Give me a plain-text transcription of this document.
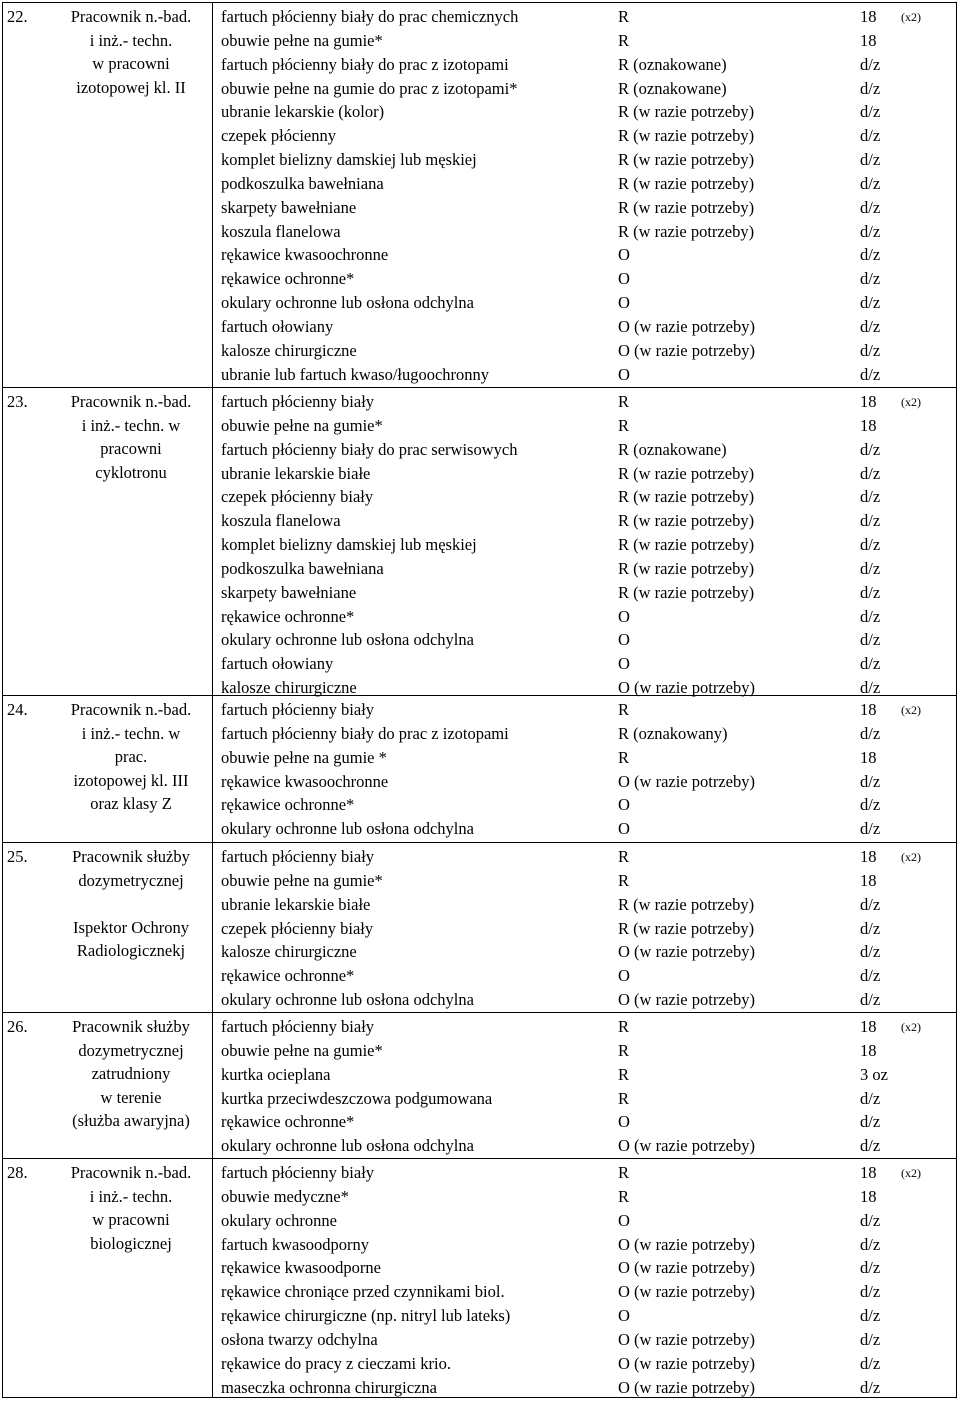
22.	Pracownik n.-bad.
i inż.- techn.
w pracowni
izotopowej kl. II
fartuch płócienny biały do prac chemicznych	R	18 (x2)
obuwie pełne na gumie*	R	18
fartuch płócienny biały do prac z izotopami	R (oznakowane)	d/z
obuwie pełne na gumie do prac z izotopami*	R (oznakowane)	d/z
ubranie lekarskie (kolor)	R (w razie potrzeby)	d/z
czepek płócienny	R (w razie potrzeby)	d/z
komplet bielizny damskiej lub męskiej	R (w razie potrzeby)	d/z
podkoszulka bawełniana	R (w razie potrzeby)	d/z
skarpety bawełniane	R (w razie potrzeby)	d/z
koszula flanelowa	R (w razie potrzeby)	d/z
rękawice kwasoochronne	O	d/z
rękawice ochronne*	O	d/z
okulary ochronne lub osłona odchylna	O	d/z
fartuch ołowiany	O (w razie potrzeby)	d/z
kalosze chirurgiczne	O (w razie potrzeby)	d/z
ubranie lub fartuch kwaso/ługoochronny	O	d/z
23.	Pracownik n.-bad.
i inż.- techn. w
pracowni
cyklotronu
fartuch płócienny biały	R	18 (x2)
obuwie pełne na gumie*	R	18
fartuch płócienny biały do prac serwisowych	R (oznakowane)	d/z
ubranie lekarskie białe	R (w razie potrzeby)	d/z
czepek płócienny biały	R (w razie potrzeby)	d/z
koszula flanelowa	R (w razie potrzeby)	d/z
komplet bielizny damskiej lub męskiej	R (w razie potrzeby)	d/z
podkoszulka bawełniana	R (w razie potrzeby)	d/z
skarpety bawełniane	R (w razie potrzeby)	d/z
rękawice ochronne*	O	d/z
okulary ochronne lub osłona odchylna	O	d/z
fartuch ołowiany	O	d/z
kalosze chirurgiczne	O (w razie potrzeby)	d/z
24.	Pracownik n.-bad.
i inż.- techn. w
prac.
izotopowej kl. III
oraz klasy Z
fartuch płócienny biały	R	18 (x2)
fartuch płócienny biały do prac z izotopami	R (oznakowany)	d/z
obuwie pełne na gumie *	R	18
rękawice kwasoochronne	O (w razie potrzeby)	d/z
rękawice ochronne*	O	d/z
okulary ochronne lub osłona odchylna	O	d/z
25.	Pracownik służby
dozymetrycznej

Ispektor Ochrony
Radiologicznekj
fartuch płócienny biały	R	18 (x2)
obuwie pełne na gumie*	R	18
ubranie lekarskie białe	R (w razie potrzeby)	d/z
czepek płócienny biały	R (w razie potrzeby)	d/z
kalosze chirurgiczne	O (w razie potrzeby)	d/z
rękawice ochronne*	O	d/z
okulary ochronne lub osłona odchylna	O (w razie potrzeby)	d/z
26.	Pracownik służby
dozymetrycznej
zatrudniony
w terenie
(służba awaryjna)
fartuch płócienny biały	R	18 (x2)
obuwie pełne na gumie*	R	18
kurtka ocieplana	R	3 oz
kurtka przeciwdeszczowa podgumowana	R	d/z
rękawice ochronne*	O	d/z
okulary ochronne lub osłona odchylna	O (w razie potrzeby)	d/z
28.	Pracownik n.-bad.
i inż.- techn.
w pracowni
biologicznej
fartuch płócienny biały	R	18 (x2)
obuwie medyczne*	R	18
okulary ochronne	O	d/z
fartuch kwasoodporny	O (w razie potrzeby)	d/z
rękawice kwasoodporne	O (w razie potrzeby)	d/z
rękawice chroniące przed czynnikami biol.	O (w razie potrzeby)	d/z
rękawice chirurgiczne (np. nitryl lub lateks)	O	d/z
osłona twarzy odchylna	O (w razie potrzeby)	d/z
rękawice do pracy z cieczami krio.	O (w razie potrzeby)	d/z
maseczka ochronna chirurgiczna	O (w razie potrzeby)	d/z
